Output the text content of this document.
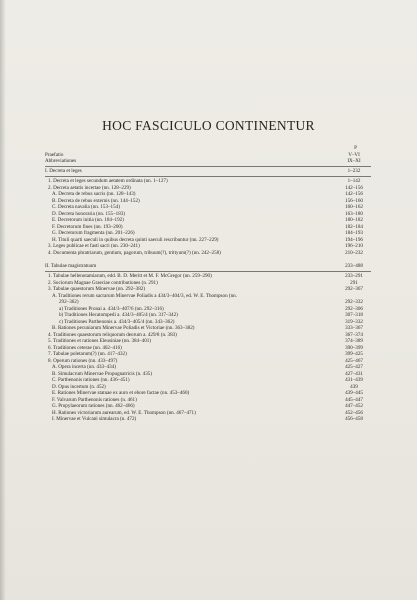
HOC FASCICULO CONTINENTUR
P
Praefatio	V–VI
Abbreviationes	IX–XI
I. Decreta et leges	1–232
1. Decreta et leges secundum aetatem ordinata (nn. 1–127)	1–142
2. Decreta aetatis incertae (nn. 128–229)	142–156
A. Decreta de rebus sacris (nn. 128–143)	142–156
B. Decreta de rebus externis (nn. 144–152)	156–160
C. Decreta navalia (nn. 153–154)	160–162
D. Decreta honoraria (nn. 155–183)	163–180
E. Decretorum initia (nn. 184–192)	180–182
F. Decretorum fines (nn. 193–200)	182–184
G. Decretorum fragmenta (nn. 201–226)	184–193
H. Tituli quarti saeculi in quibus decreta quinti saeculi rescribuntur (nn. 227–229)	194–196
3. Leges publicae et fasti sacri (nn. 230–241)	196–210
4. Documenta phratriarum, gentium, pagorum, tribuum(?), trittyum(?) (nn. 242–258)	210–232
II. Tabulae magistratuum	233–488
1. Tabulae hellenotamiarum, edd. B. D. Meritt et M. F. McGregor (nn. 259–290)	233–291
2. Sociorum Magnae Graeciae contributiones (n. 291)	291
3. Tabulae quaestorum Minervae (nn. 292–382)	292–367
A. Traditiones rerum sacrarum Minervae Poliadis a 434/3–404/3, ed. W. E. Thompson (nn.
292–362)	292–332
a) Traditiones Pronai a. 434/3–407/6 (nn. 292–316)	292–306
b) Traditiones Hecatompedi a. 434/3–405/4 (nn. 317–342)	307–318
c) Traditiones Parthenonis a. 434/3–405/4 (nn. 343–362)	319–332
B. Rationes pecuniarum Minervae Poliadis et Victoriae (nn. 363–382)	333–367
4. Traditiones quaestorum reliquorum deorum a. 429/8 (n. 383)	367–374
5. Traditiones et rationes Eleusiniae (nn. 384–401)	374–389
6. Traditiones ceterae (nn. 402–416)	390–399
7. Tabulae poletarum(?) (nn. 417–432)	399–425
8. Operum rationes (nn. 433–497)	425–467
A. Opera incerta (nn. 433–434)	425–427
B. Simulacrum Minervae Propugnatricis (n. 435)	427–431
C. Parthenonis rationes (nn. 436–451)	431–439
D. Opus incertum (n. 452)	439
E. Rationes Minervae statuae ex auro et ebore factae (nn. 453–460)	439–445
F. Valvarum Parthenonis rationes (n. 461)	445–447
G. Propylaeorum rationes (nn. 462–466)	447–452
H. Rationes victoriarum aurearum, ed. W. E. Thompson (nn. 467–471)	452–456
I. Minervae et Vulcani simulacra (n. 472)	456–458
